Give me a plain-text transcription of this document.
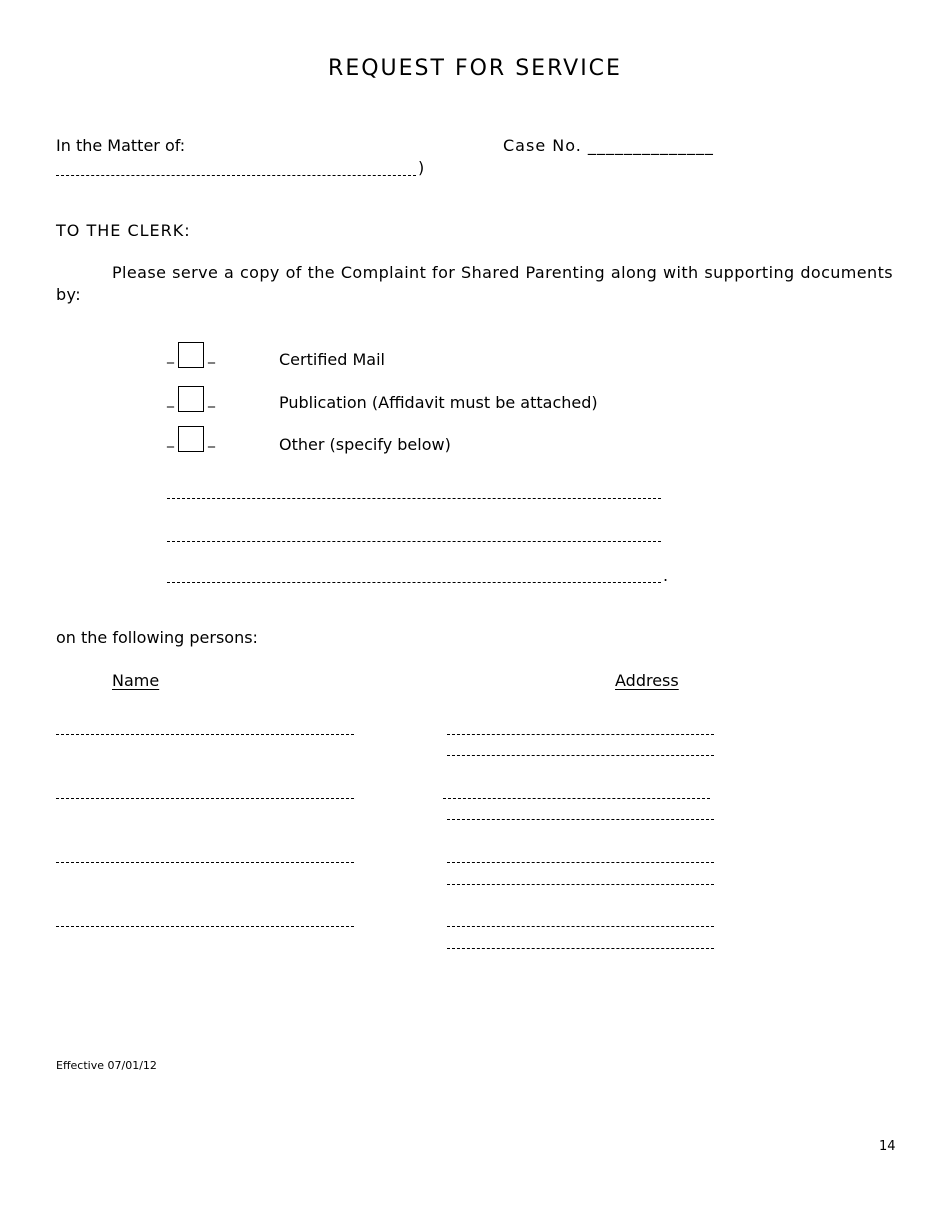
REQUEST FOR SERVICE
In the Matter of:	Case No. ______________
)
TO THE CLERK:
Please serve a copy of the Complaint for Shared Parenting along with supporting documents by:
_ _	Certified Mail
_ _	Publication (Affidavit must be attached)
_ _	Other (specify below)
.
on the following persons:
Name	Address
Effective 07/01/12
14
